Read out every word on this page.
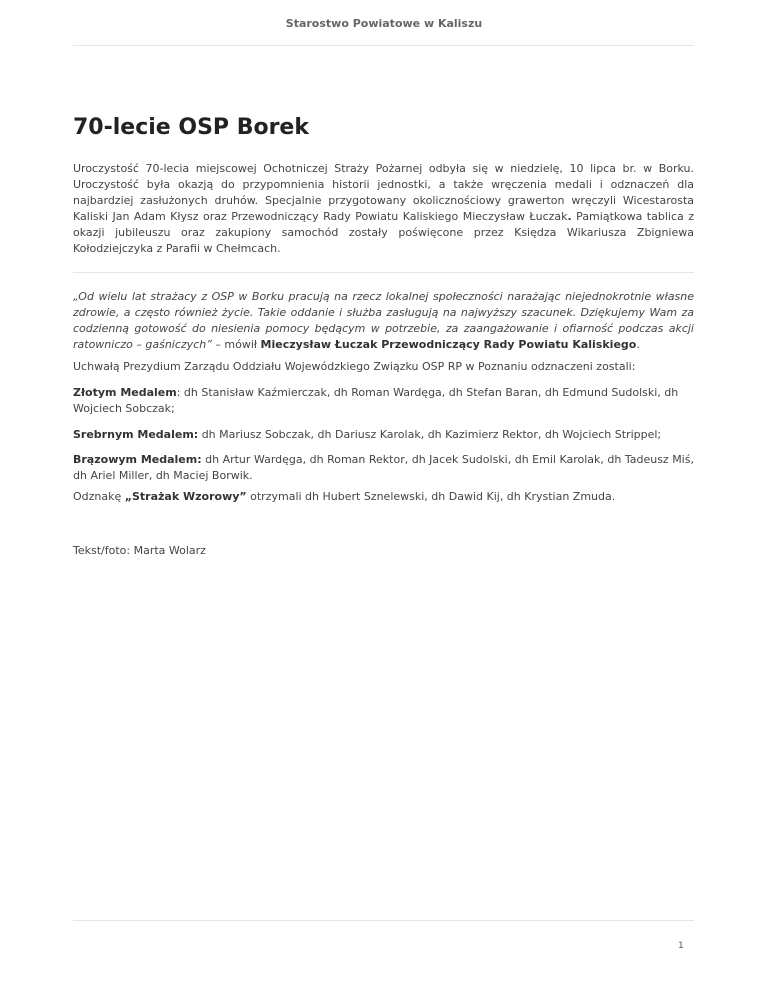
Starostwo Powiatowe w Kaliszu
70-lecie OSP Borek

Uroczystość 70-lecia miejscowej Ochotniczej Straży Pożarnej odbyła się w niedzielę, 10 lipca br. w Borku. Uroczystość była okazją do przypomnienia historii jednostki, a także wręczenia medali i odznaczeń dla najbardziej zasłużonych druhów. Specjalnie przygotowany okolicznościowy grawerton wręczyli Wicestarosta Kaliski Jan Adam Kłysz oraz Przewodniczący Rady Powiatu Kaliskiego Mieczysław Łuczak. Pamiątkowa tablica z okazji jubileuszu oraz zakupiony samochód zostały poświęcone przez Księdza Wikariusza Zbigniewa Kołodziejczyka z Parafii w Chełmcach.

„Od wielu lat strażacy z OSP w Borku pracują na rzecz lokalnej społeczności narażając niejednokrotnie własne zdrowie, a często również życie. Takie oddanie i służba zasługują na najwyższy szacunek. Dziękujemy Wam za codzienną gotowość do niesienia pomocy będącym w potrzebie, za zaangażowanie i ofiarność podczas akcji ratowniczo – gaśniczych” – mówił Mieczysław Łuczak Przewodniczący Rady Powiatu Kaliskiego.

Uchwałą Prezydium Zarządu Oddziału Wojewódzkiego Związku OSP RP w Poznaniu odznaczeni zostali:

Złotym Medalem: dh Stanisław Kaźmierczak, dh Roman Wardęga, dh Stefan Baran, dh Edmund Sudolski, dh Wojciech Sobczak;

Srebrnym Medalem: dh Mariusz Sobczak, dh Dariusz Karolak, dh Kazimierz Rektor, dh Wojciech Strippel;

Brązowym Medalem: dh Artur Wardęga, dh Roman Rektor, dh Jacek Sudolski, dh Emil Karolak, dh Tadeusz Miś, dh Ariel Miller, dh Maciej Borwik.

Odznakę „Strażak Wzorowy” otrzymali dh Hubert Sznelewski, dh Dawid Kij, dh Krystian Zmuda.

Tekst/foto: Marta Wolarz

1
